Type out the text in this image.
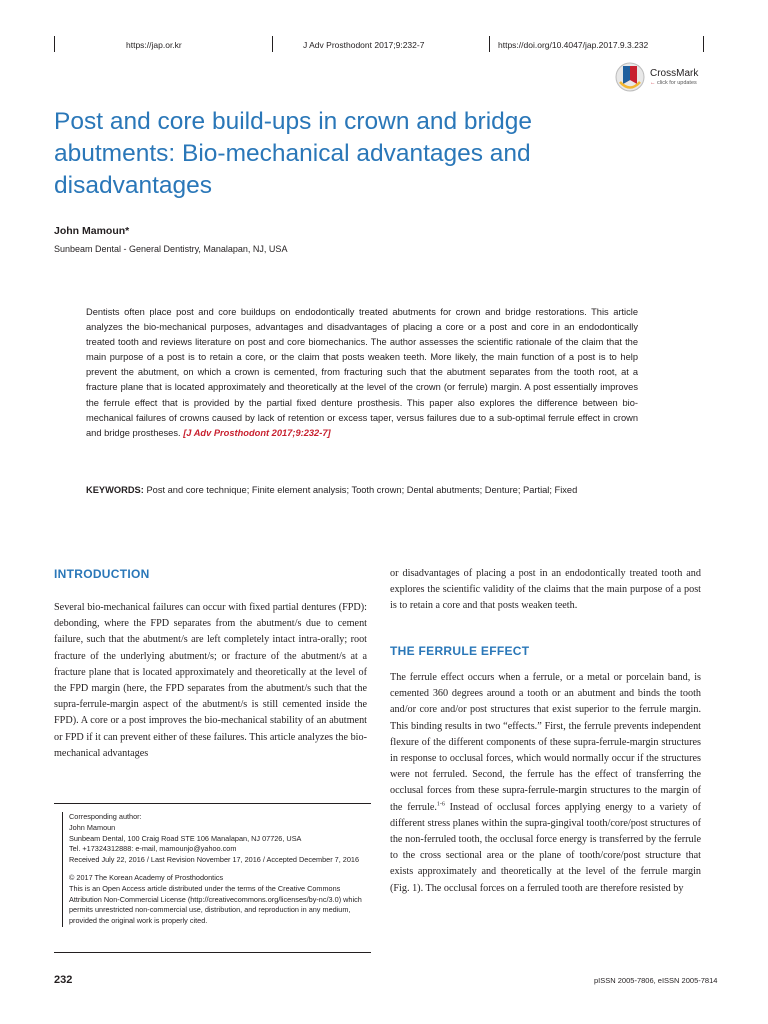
https://jap.or.kr	J Adv Prosthodont 2017;9:232-7	https://doi.org/10.4047/jap.2017.9.3.232
CrossMark
← click for updates
Post and core build-ups in crown and bridge abutments: Bio-mechanical advantages and disadvantages
John Mamoun*
Sunbeam Dental - General Dentistry, Manalapan, NJ, USA
Dentists often place post and core buildups on endodontically treated abutments for crown and bridge restorations. This article analyzes the bio-mechanical purposes, advantages and disadvantages of placing a core or a post and core in an endodontically treated tooth and reviews literature on post and core biomechanics. The author assesses the scientific rationale of the claim that the main purpose of a post is to retain a core, or the claim that posts weaken teeth. More likely, the main function of a post is to help prevent the abutment, on which a crown is cemented, from fracturing such that the abutment separates from the tooth root, at a fracture plane that is located approximately and theoretically at the level of the crown (or ferrule) margin. A post essentially improves the ferrule effect that is provided by the partial fixed denture prosthesis. This paper also explores the difference between bio-mechanical failures of crowns caused by lack of retention or excess taper, versus failures due to a sub-optimal ferrule effect in crown and bridge prostheses. [J Adv Prosthodont 2017;9:232-7]
KEYWORDS: Post and core technique; Finite element analysis; Tooth crown; Dental abutments; Denture; Partial; Fixed
INTRODUCTION
Several bio-mechanical failures can occur with fixed partial dentures (FPD): debonding, where the FPD separates from the abutment/s due to cement failure, such that the abutment/s are left completely intact intra-orally; root fracture of the underlying abutment/s; or fracture of the abutment/s at a fracture plane that is located approximately and theoretically at the level of the FPD margin (here, the FPD separates from the abutment/s such that the supra-ferrule-margin aspect of the abutment/s is still cemented inside the FPD). A core or a post improves the bio-mechanical stability of an abutment or FPD if it can prevent either of these failures. This article analyzes the bio-mechanical advantages

Corresponding author:

John Mamoun

Sunbeam Dental, 100 Craig Road STE 106 Manalapan, NJ 07726, USA

Tel. +17324312888: e-mail, mamounjo@yahoo.com

Received July 22, 2016 / Last Revision November 17, 2016 / Accepted December 7, 2016

© 2017 The Korean Academy of Prosthodontics

This is an Open Access article distributed under the terms of the Creative Commons Attribution Non-Commercial License (http://creativecommons.org/licenses/by-nc/3.0) which permits unrestricted non-commercial use, distribution, and reproduction in any medium, provided the original work is properly cited.

or disadvantages of placing a post in an endodontically treated tooth and explores the scientific validity of the claims that the main purpose of a post is to retain a core and that posts weaken teeth.
THE FERRULE EFFECT
The ferrule effect occurs when a ferrule, or a metal or porcelain band, is cemented 360 degrees around a tooth or an abutment and binds the tooth and/or core and/or post structures that exist superior to the ferrule margin. This binding results in two “effects.” First, the ferrule prevents independent flexure of the different components of these supra-ferrule-margin structures in response to occlusal forces, which would normally occur if the structures were not ferruled. Second, the ferrule has the effect of transferring the occlusal forces from these supra-ferrule-margin structures to the margin of the ferrule.$^{1-6}$ Instead of occlusal forces applying energy to a variety of different stress planes within the supra-gingival tooth/core/post structures of the non-ferruled tooth, the occlusal force energy is transferred by the ferrule to the cross sectional area or the plane of tooth/core/post structure that exists approximately and theoretically at the level of the ferrule margin (Fig. 1). The occlusal forces on a ferruled tooth are therefore resisted by
232	pISSN 2005-7806, eISSN 2005-7814
